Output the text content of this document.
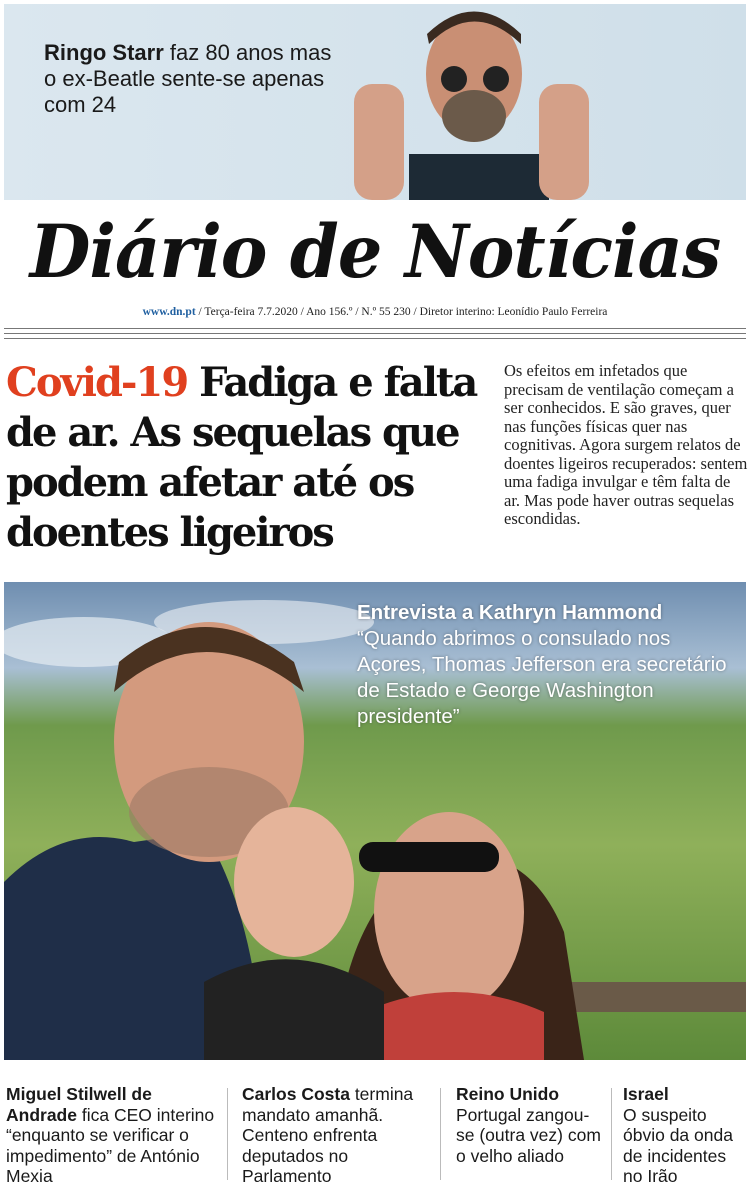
Ringo Starr faz 80 anos mas o ex-Beatle sente-se apenas com 24
Diário de Notícias
www.dn.pt / Terça-feira 7.7.2020 / Ano 156.º / N.º 55 230 / Diretor interino: Leonídio Paulo Ferreira
Covid-19 Fadiga e falta de ar. As sequelas que podem afetar até os doentes ligeiros
Os efeitos em infetados que precisam de ventilação começam a ser conhecidos. E são graves, quer nas funções físicas quer nas cognitivas. Agora surgem relatos de doentes ligeiros recuperados: sentem uma fadiga invulgar e têm falta de ar. Mas pode haver outras sequelas escondidas.
Entrevista a Kathryn Hammond
“Quando abrimos o consulado nos Açores, Thomas Jefferson era secretário de Estado e George Washington presidente”
Miguel Stilwell de Andrade fica CEO interino “enquanto se verificar o impedimento” de António Mexia
Carlos Costa termina mandato amanhã. Centeno enfrenta deputados no Parlamento
Reino Unido
Portugal zangou-se (outra vez) com o velho aliado
Israel
O suspeito óbvio da onda de incidentes no Irão
